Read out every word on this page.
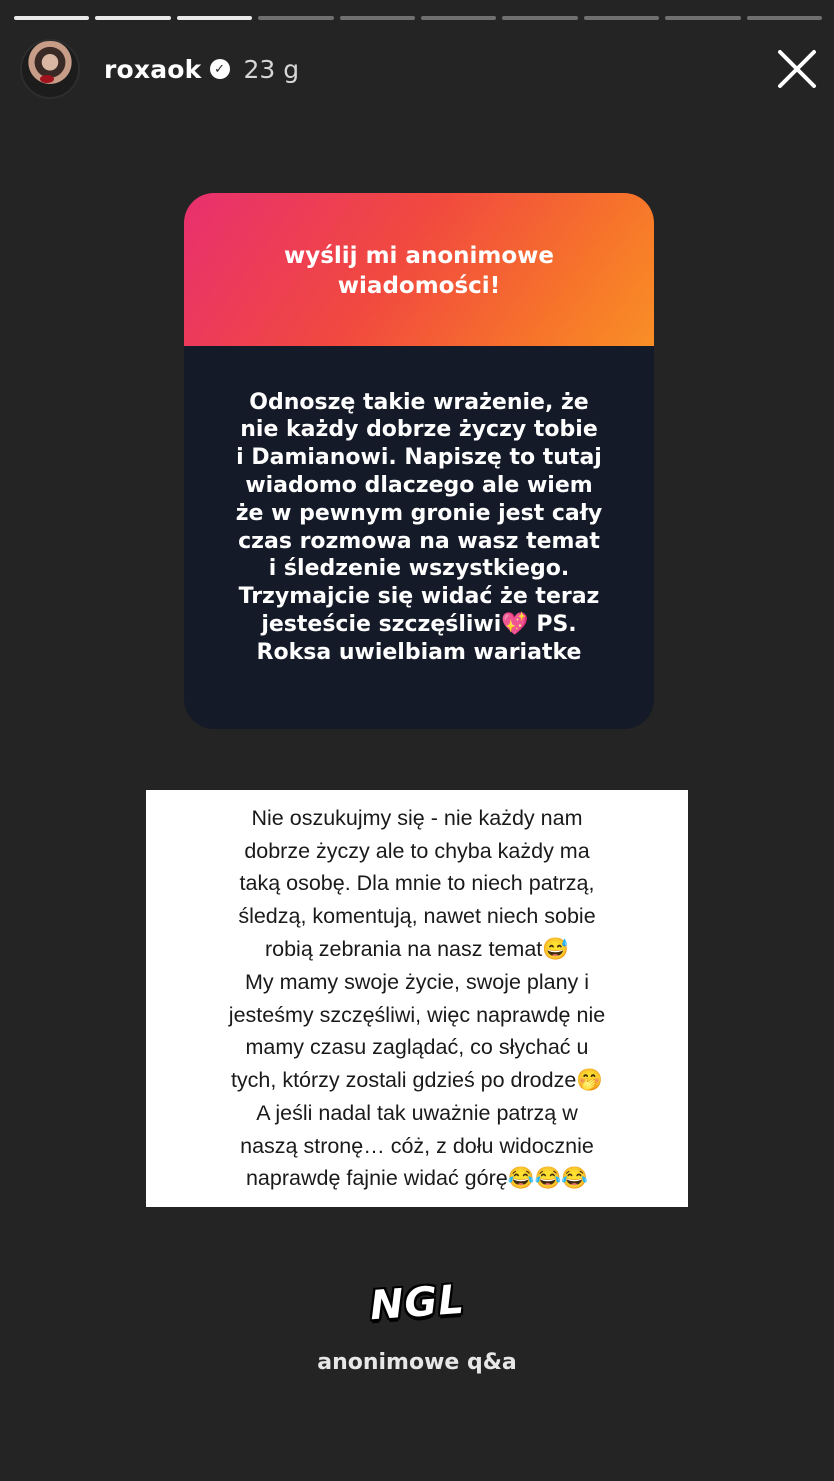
roxaok ✓ 23 g
wyślij mi anonimowe wiadomości!
Odnoszę takie wrażenie, że
nie każdy dobrze życzy tobie
i Damianowi. Napiszę to tutaj
wiadomo dlaczego ale wiem
że w pewnym gronie jest cały
czas rozmowa na wasz temat
i śledzenie wszystkiego.
Trzymajcie się widać że teraz
jesteście szczęśliwi💖 PS.
Roksa uwielbiam wariatke
Nie oszukujmy się - nie każdy nam
dobrze życzy ale to chyba każdy ma
taką osobę. Dla mnie to niech patrzą,
śledzą, komentują, nawet niech sobie
robią zebrania na nasz temat😅
My mamy swoje życie, swoje plany i
jesteśmy szczęśliwi, więc naprawdę nie
mamy czasu zaglądać, co słychać u
tych, którzy zostali gdzieś po drodze🤭
A jeśli nadal tak uważnie patrzą w
naszą stronę… cóż, z dołu widocznie
naprawdę fajnie widać górę😂😂😂
NGL
anonimowe q&a
